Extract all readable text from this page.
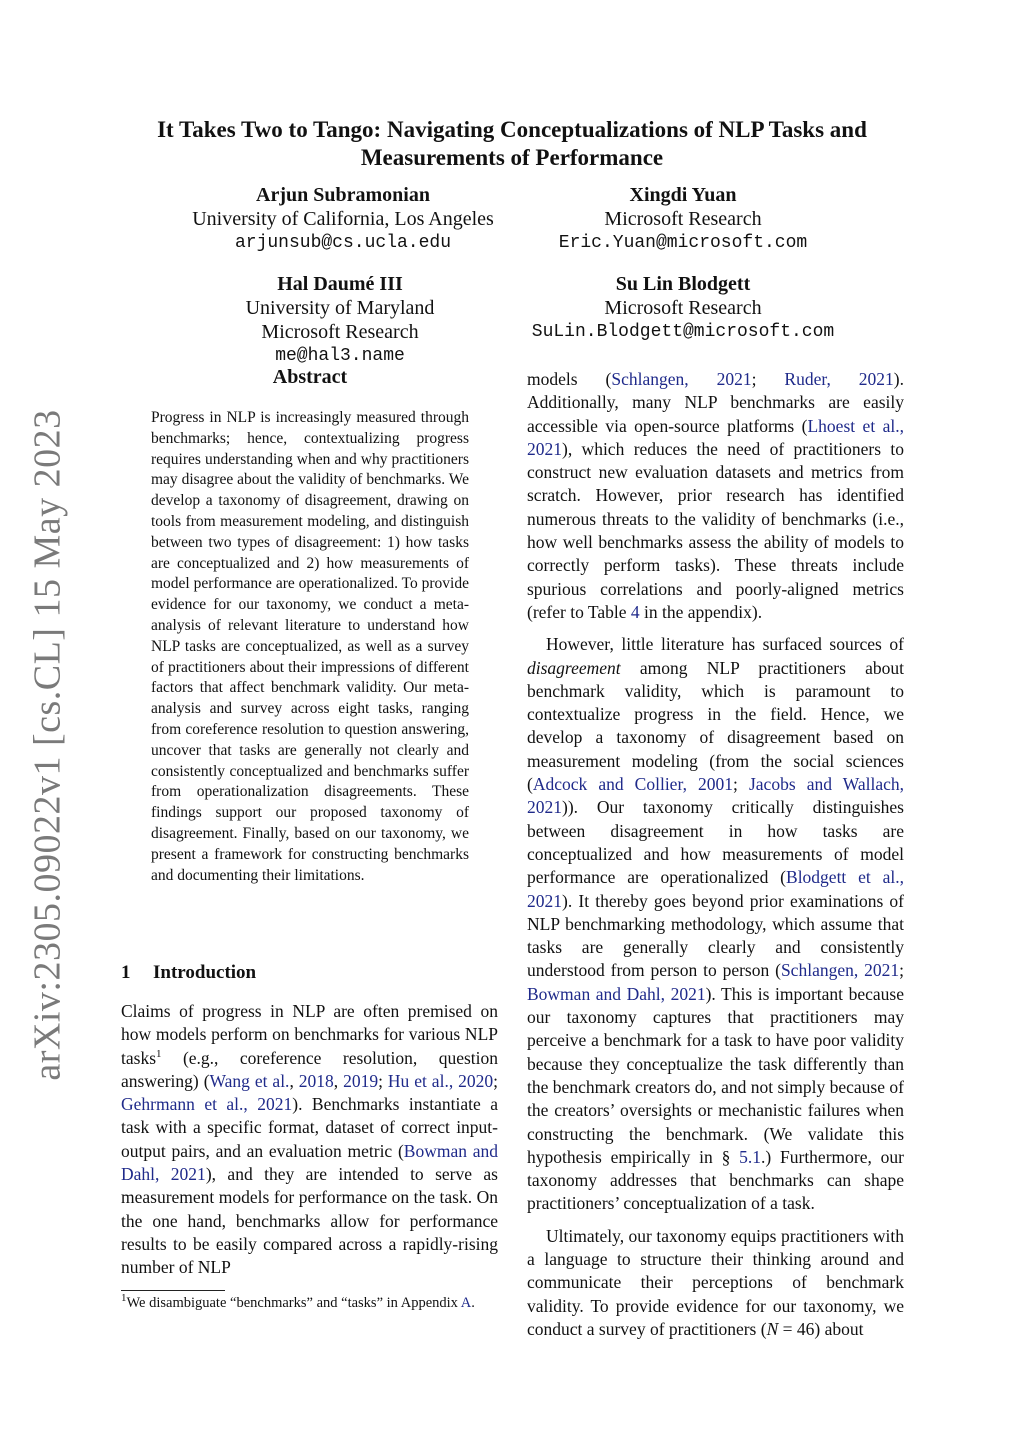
arXiv:2305.09022v1 [cs.CL] 15 May 2023
It Takes Two to Tango: Navigating Conceptualizations of NLP Tasks and Measurements of Performance
Arjun Subramonian
University of California, Los Angeles
arjunsub@cs.ucla.edu
Xingdi Yuan
Microsoft Research
Eric.Yuan@microsoft.com
Hal Daumé III
University of Maryland
Microsoft Research
me@hal3.name
Su Lin Blodgett
Microsoft Research
SuLin.Blodgett@microsoft.com
Abstract

Progress in NLP is increasingly measured through benchmarks; hence, contextualizing progress requires understanding when and why practitioners may disagree about the validity of benchmarks. We develop a taxonomy of disagreement, drawing on tools from measurement modeling, and distinguish between two types of disagreement: 1) how tasks are conceptualized and 2) how measurements of model performance are operationalized. To provide evidence for our taxonomy, we conduct a meta-analysis of relevant literature to understand how NLP tasks are conceptualized, as well as a survey of practitioners about their impressions of different factors that affect benchmark validity. Our meta-analysis and survey across eight tasks, ranging from coreference resolution to question answering, uncover that tasks are generally not clearly and consistently conceptualized and benchmarks suffer from operationalization disagreements. These findings support our proposed taxonomy of disagreement. Finally, based on our taxonomy, we present a framework for constructing benchmarks and documenting their limitations.

1 Introduction

Claims of progress in NLP are often premised on how models perform on benchmarks for various NLP tasks$^1$ (e.g., coreference resolution, question answering) (Wang et al., 2018, 2019; Hu et al., 2020; Gehrmann et al., 2021). Benchmarks instantiate a task with a specific format, dataset of correct input-output pairs, and an evaluation metric (Bowman and Dahl, 2021), and they are intended to serve as measurement models for performance on the task. On the one hand, benchmarks allow for performance results to be easily compared across a rapidly-rising number of NLP

$^1$We disambiguate “benchmarks” and “tasks” in Appendix A.

models (Schlangen, 2021; Ruder, 2021). Additionally, many NLP benchmarks are easily accessible via open-source platforms (Lhoest et al., 2021), which reduces the need of practitioners to construct new evaluation datasets and metrics from scratch. However, prior research has identified numerous threats to the validity of benchmarks (i.e., how well benchmarks assess the ability of models to correctly perform tasks). These threats include spurious correlations and poorly-aligned metrics (refer to Table 4 in the appendix).

However, little literature has surfaced sources of disagreement among NLP practitioners about benchmark validity, which is paramount to contextualize progress in the field. Hence, we develop a taxonomy of disagreement based on measurement modeling (from the social sciences (Adcock and Collier, 2001; Jacobs and Wallach, 2021)). Our taxonomy critically distinguishes between disagreement in how tasks are conceptualized and how measurements of model performance are operationalized (Blodgett et al., 2021). It thereby goes beyond prior examinations of NLP benchmarking methodology, which assume that tasks are generally clearly and consistently understood from person to person (Schlangen, 2021; Bowman and Dahl, 2021). This is important because our taxonomy captures that practitioners may perceive a benchmark for a task to have poor validity because they conceptualize the task differently than the benchmark creators do, and not simply because of the creators’ oversights or mechanistic failures when constructing the benchmark. (We validate this hypothesis empirically in § 5.1.) Furthermore, our taxonomy addresses that benchmarks can shape practitioners’ conceptualization of a task.

Ultimately, our taxonomy equips practitioners with a language to structure their thinking around and communicate their perceptions of benchmark validity. To provide evidence for our taxonomy, we conduct a survey of practitioners (N = 46) about
